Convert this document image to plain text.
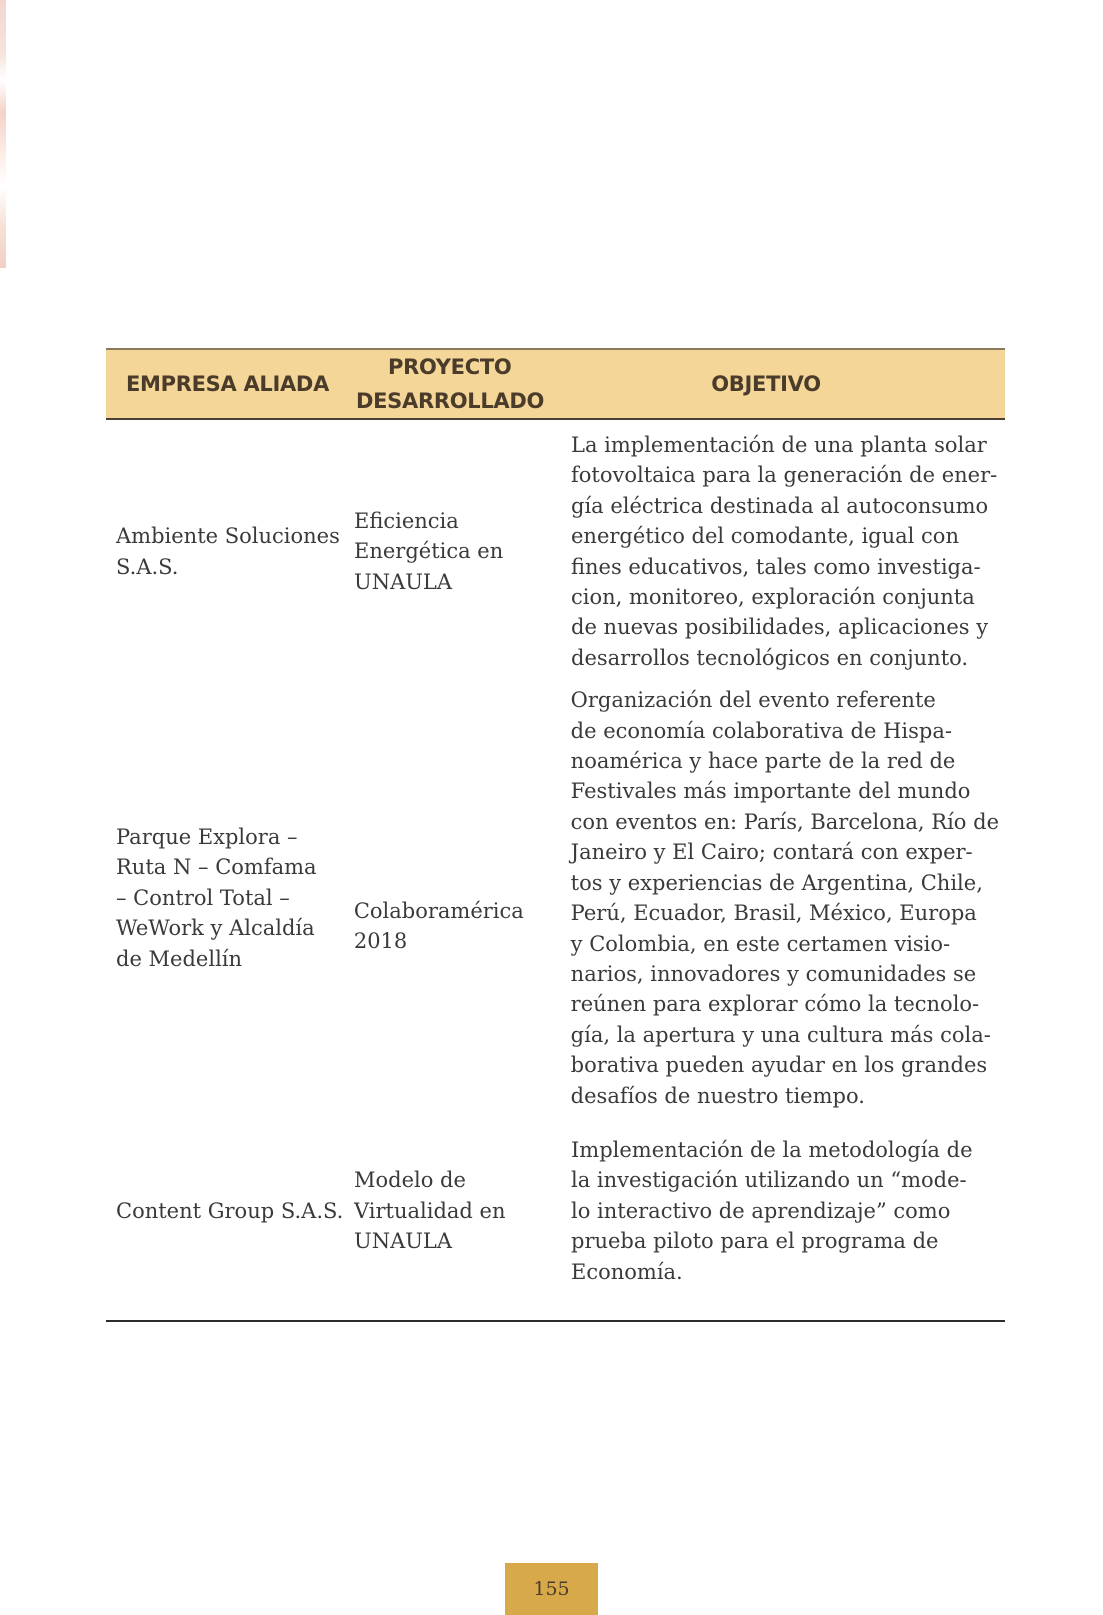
EMPRESA ALIADA
PROYECTO
DESARROLLADO
OBJETIVO
Ambiente Soluciones
S.A.S.
Eficiencia
Energética en
UNAULA
La implementación de una planta solar
fotovoltaica para la generación de ener-
gía eléctrica destinada al autoconsumo
energético del comodante, igual con
fines educativos, tales como investiga-
cion, monitoreo, exploración conjunta
de nuevas posibilidades, aplicaciones y
desarrollos tecnológicos en conjunto.
Parque Explora –
Ruta N – Comfama
– Control Total –
WeWork y Alcaldía
de Medellín
Colaboramérica
2018
Organización del evento referente
de economía colaborativa de Hispa-
noamérica y hace parte de la red de
Festivales más importante del mundo
con eventos en: París, Barcelona, Río de
Janeiro y El Cairo; contará con exper-
tos y experiencias de Argentina, Chile,
Perú, Ecuador, Brasil, México, Europa
y Colombia, en este certamen visio-
narios, innovadores y comunidades se
reúnen para explorar cómo la tecnolo-
gía, la apertura y una cultura más cola-
borativa pueden ayudar en los grandes
desafíos de nuestro tiempo.
Content Group S.A.S.
Modelo de
Virtualidad en
UNAULA
Implementación de la metodología de
la investigación utilizando un “mode-
lo interactivo de aprendizaje” como
prueba piloto para el programa de
Economía.
155
